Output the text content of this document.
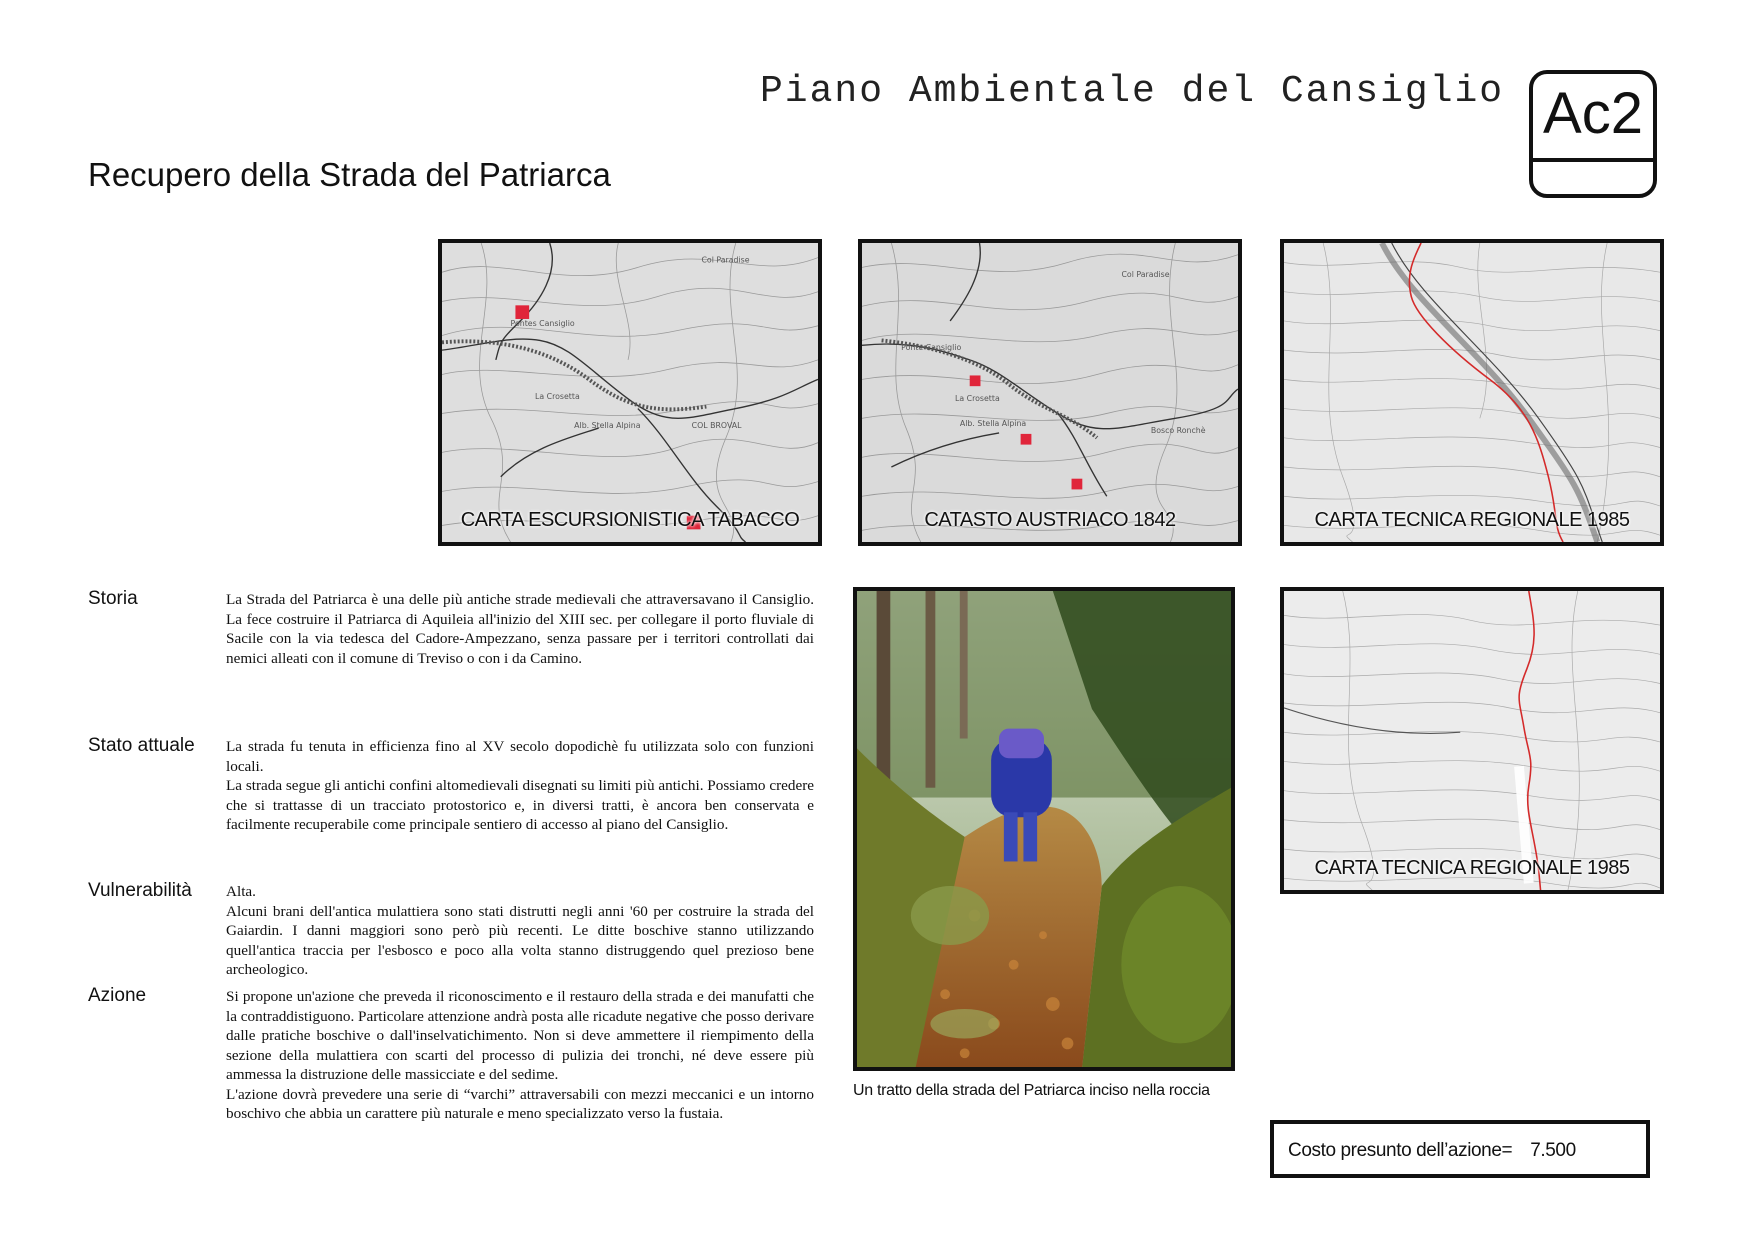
Piano Ambientale del Cansiglio Ac2
Recupero della Strada del Patriarca
La Crosetta
Alb. Stella Alpina
Col Paradise
COL BROVAL
Pontes Cansiglio
CARTA ESCURSIONISTICA TABACCO
La Crosetta
Alb. Stella Alpina
Col Paradise
Bosco Ronchè
Ponte Cansiglio
CATASTO AUSTRIACO 1842	CARTA TECNICA REGIONALE 1985
CARTA TECNICA REGIONALE 1985
Storia	La Strada del Patriarca è una delle più antiche strade medievali che attraversavano il Cansiglio. La fece costruire il Patriarca di Aquileia all'inizio del XIII sec. per collegare il porto fluviale di Sacile con la via tedesca del Cadore-Ampezzano, senza passare per i territori controllati dai nemici alleati con il comune di Treviso o con i da Camino.

Stato attuale La strada fu tenuta in efficienza fino al XV secolo dopodichè fu utilizzata solo con funzioni locali.

La strada segue gli antichi confini altomedievali disegnati su limiti più antichi. Possiamo credere che si trattasse di un tracciato protostorico e, in diversi tratti, è ancora ben conservata e facilmente recuperabile come principale sentiero di accesso al piano del Cansiglio.

Vulnerabilità Alta.

Alcuni brani dell'antica mulattiera sono stati distrutti negli anni '60 per costruire la strada del Gaiardin. I danni maggiori sono però più recenti. Le ditte boschive stanno utilizzando quell'antica traccia per l'esbosco e poco alla volta stanno distruggendo quel prezioso bene archeologico.

Azione	Si propone un'azione che preveda il riconoscimento e il restauro della strada e dei manufatti che la contraddistiguono. Particolare attenzione andrà posta alle ricadute negative che posso derivare dalle pratiche boschive o dall'inselvatichimento. Non si deve ammettere il riempimento della sezione della mulattiera con scarti del processo di pulizia dei tronchi, né deve essere più ammessa la distruzione delle massicciate e del sedime.

L'azione dovrà prevedere una serie di “varchi” attraversabili con mezzi meccanici e un intorno boschivo che abbia un carattere più naturale e meno specializzato verso la fustaia.

Un tratto della strada del Patriarca inciso nella roccia
Costo presunto dell’azione= 7.500
